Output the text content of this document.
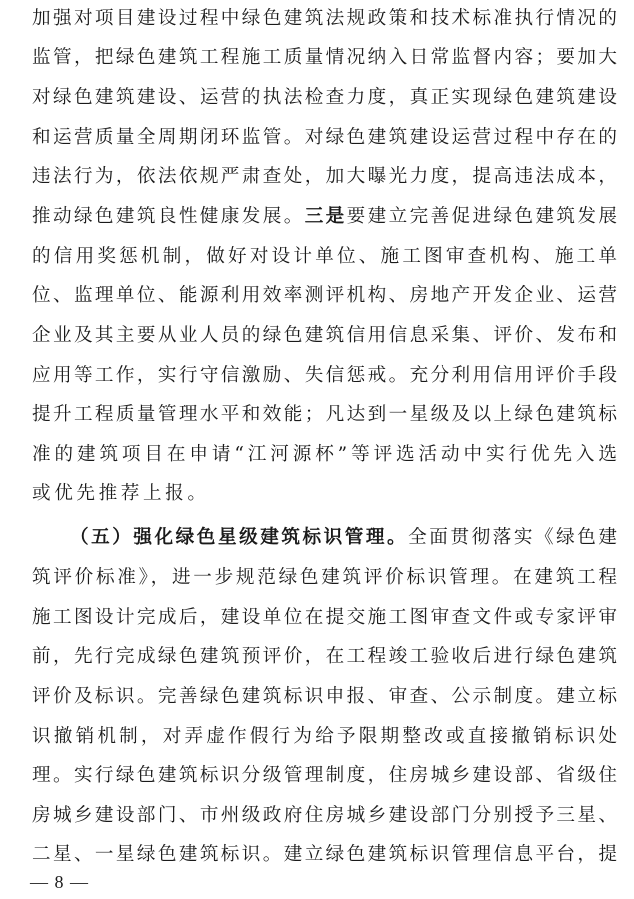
加强对项目建设过程中绿色建筑法规政策和技术标准执行情况的
监管，把绿色建筑工程施工质量情况纳入日常监督内容；要加大
对绿色建筑建设、运营的执法检查力度，真正实现绿色建筑建设
和运营质量全周期闭环监管。对绿色建筑建设运营过程中存在的
违法行为，依法依规严肃查处，加大曝光力度，提高违法成本，
推动绿色建筑良性健康发展。三是要建立完善促进绿色建筑发展
的信用奖惩机制，做好对设计单位、施工图审查机构、施工单
位、监理单位、能源利用效率测评机构、房地产开发企业、运营
企业及其主要从业人员的绿色建筑信用信息采集、评价、发布和
应用等工作，实行守信激励、失信惩戒。充分利用信用评价手段
提升工程质量管理水平和效能；凡达到一星级及以上绿色建筑标
准的建筑项目在申请“江河源杯”等评选活动中实行优先入选
或优先推荐上报。
（五）强化绿色星级建筑标识管理。全面贯彻落实《绿色建
筑评价标准》，进一步规范绿色建筑评价标识管理。在建筑工程
施工图设计完成后，建设单位在提交施工图审查文件或专家评审
前，先行完成绿色建筑预评价，在工程竣工验收后进行绿色建筑
评价及标识。完善绿色建筑标识申报、审查、公示制度。建立标
识撤销机制，对弄虚作假行为给予限期整改或直接撤销标识处
理。实行绿色建筑标识分级管理制度，住房城乡建设部、省级住
房城乡建设部门、市州级政府住房城乡建设部门分别授予三星、
二星、一星绿色建筑标识。建立绿色建筑标识管理信息平台，提
— 8 —
